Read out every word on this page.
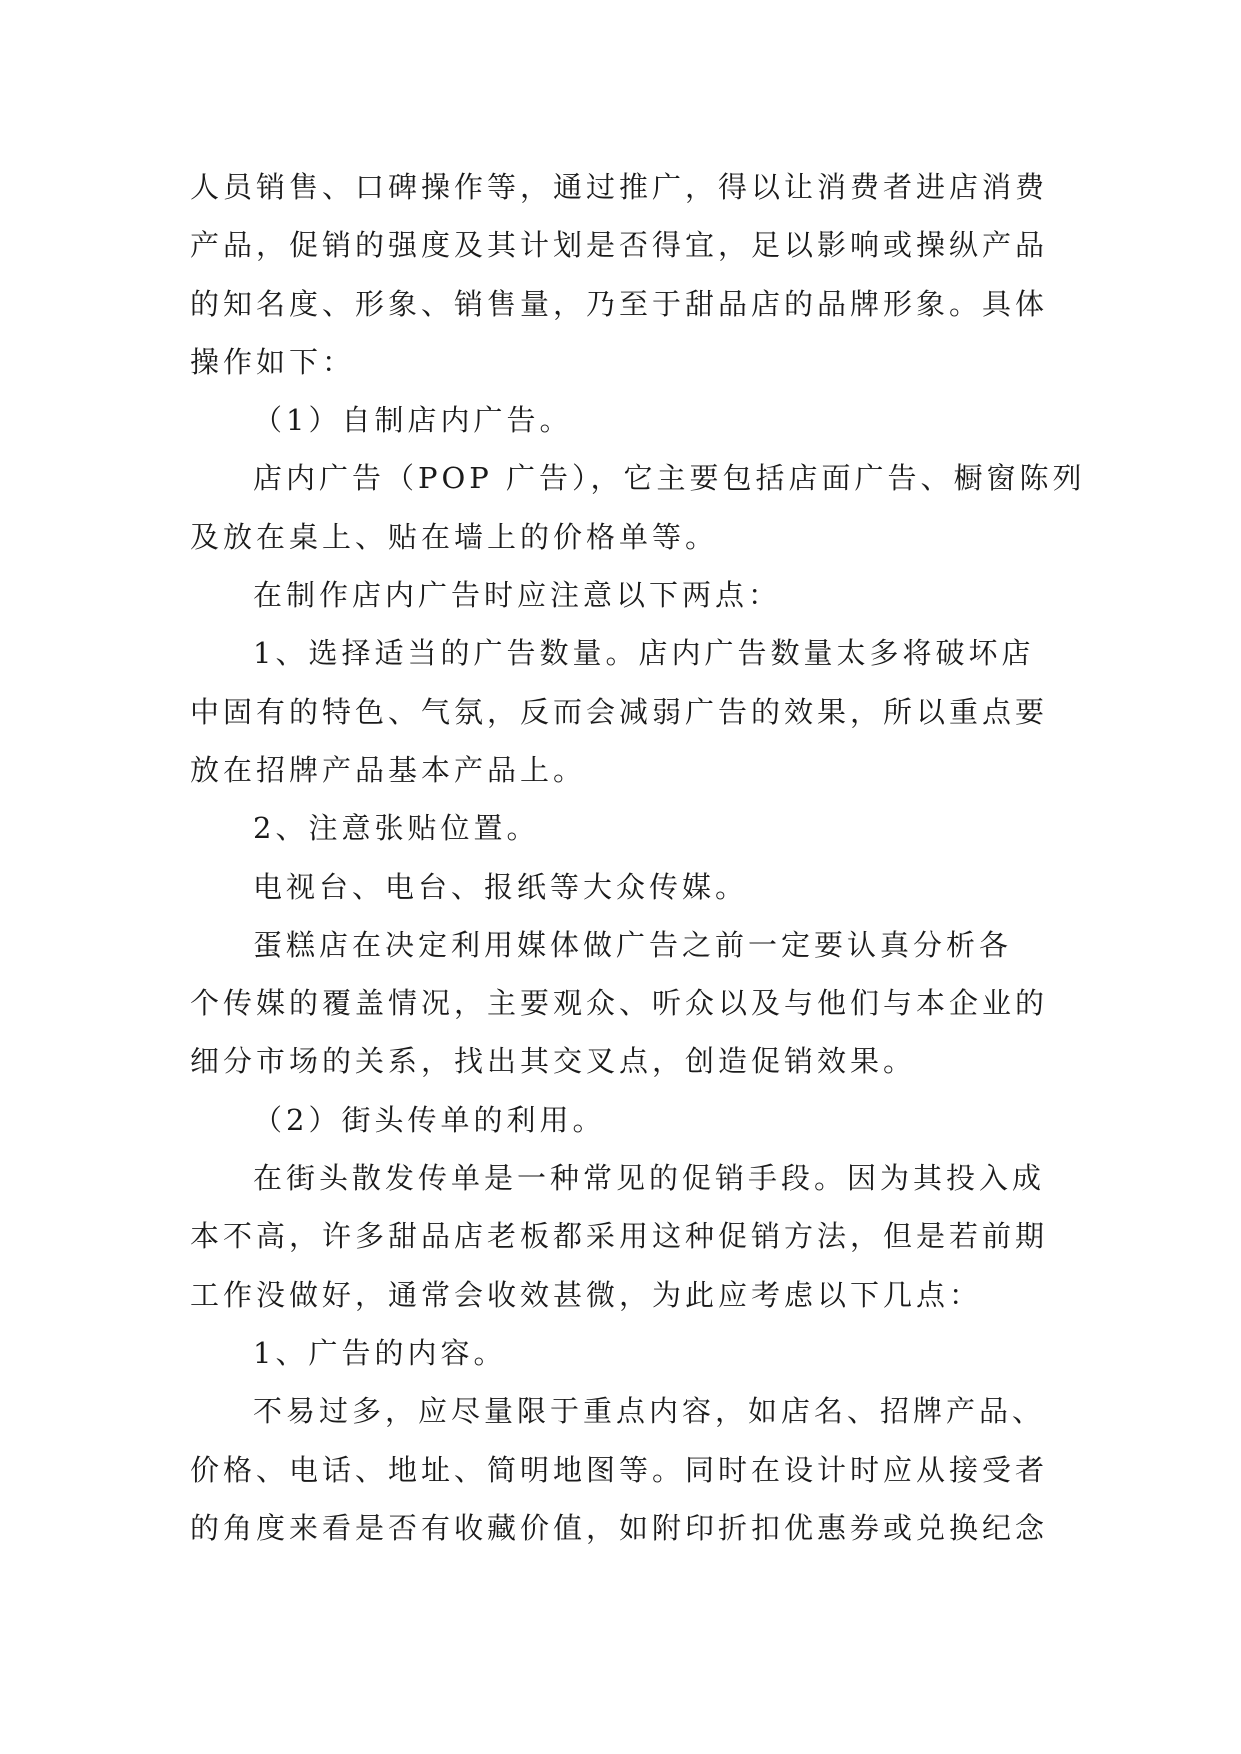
人员销售、口碑操作等，通过推广，得以让消费者进店消费
产品，促销的强度及其计划是否得宜，足以影响或操纵产品
的知名度、形象、销售量，乃至于甜品店的品牌形象。具体
操作如下：
（1）自制店内广告。
店内广告（POP 广告），它主要包括店面广告、橱窗陈列
及放在桌上、贴在墙上的价格单等。
在制作店内广告时应注意以下两点：
1、选择适当的广告数量。店内广告数量太多将破坏店
中固有的特色、气氛，反而会减弱广告的效果，所以重点要
放在招牌产品基本产品上。
2、注意张贴位置。
电视台、电台、报纸等大众传媒。
蛋糕店在决定利用媒体做广告之前一定要认真分析各
个传媒的覆盖情况，主要观众、听众以及与他们与本企业的
细分市场的关系，找出其交叉点，创造促销效果。
（2）街头传单的利用。
在街头散发传单是一种常见的促销手段。因为其投入成
本不高，许多甜品店老板都采用这种促销方法，但是若前期
工作没做好，通常会收效甚微，为此应考虑以下几点：
1、广告的内容。
不易过多，应尽量限于重点内容，如店名、招牌产品、
价格、电话、地址、简明地图等。同时在设计时应从接受者
的角度来看是否有收藏价值，如附印折扣优惠券或兑换纪念
